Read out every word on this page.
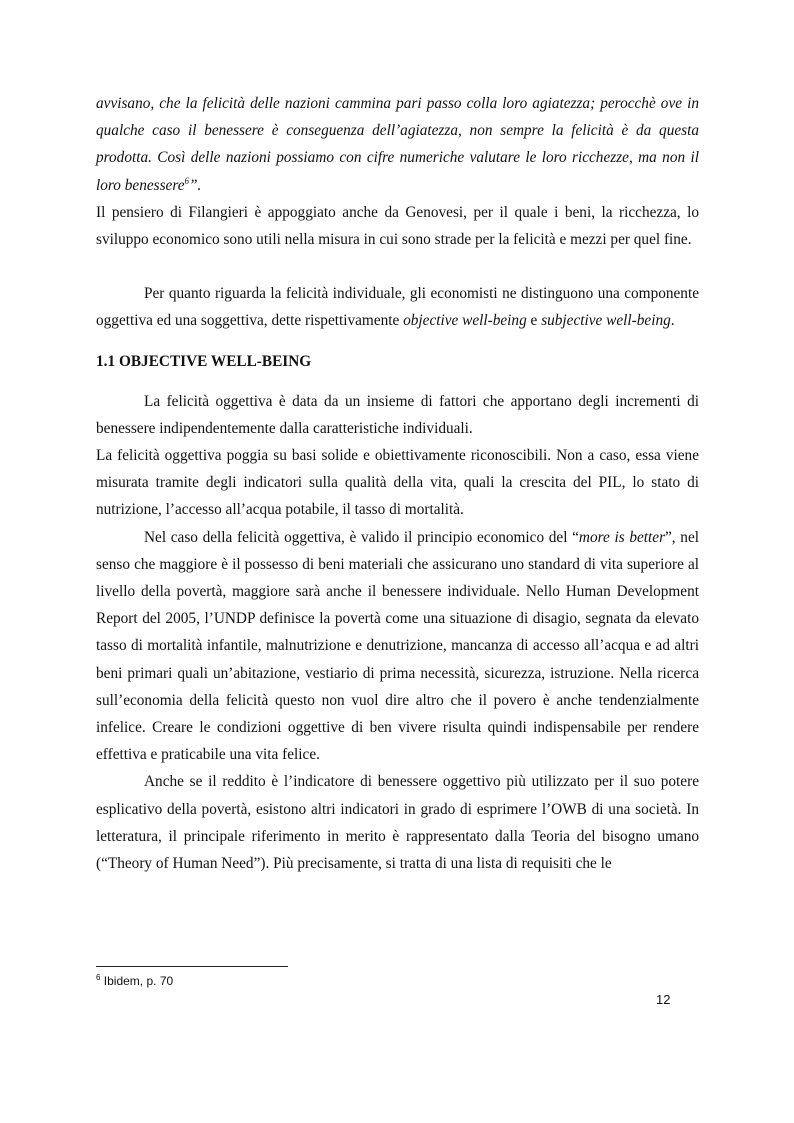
avvisano, che la felicità delle nazioni cammina pari passo colla loro agiatezza; perocchè ove in qualche caso il benessere è conseguenza dell’agiatezza, non sempre la felicità è da questa prodotta. Così delle nazioni possiamo con cifre numeriche valutare le loro ricchezze, ma non il loro benessere$^6$”.

Il pensiero di Filangieri è appoggiato anche da Genovesi, per il quale i beni, la ricchezza, lo sviluppo economico sono utili nella misura in cui sono strade per la felicità e mezzi per quel fine.

Per quanto riguarda la felicità individuale, gli economisti ne distinguono una componente oggettiva ed una soggettiva, dette rispettivamente objective well-being e subjective well-being.

1.1 OBJECTIVE WELL-BEING

La felicità oggettiva è data da un insieme di fattori che apportano degli incrementi di benessere indipendentemente dalla caratteristiche individuali.

La felicità oggettiva poggia su basi solide e obiettivamente riconoscibili. Non a caso, essa viene misurata tramite degli indicatori sulla qualità della vita, quali la crescita del PIL, lo stato di nutrizione, l’accesso all’acqua potabile, il tasso di mortalità.

Nel caso della felicità oggettiva, è valido il principio economico del “more is better”, nel senso che maggiore è il possesso di beni materiali che assicurano uno standard di vita superiore al livello della povertà, maggiore sarà anche il benessere individuale. Nello Human Development Report del 2005, l’UNDP definisce la povertà come una situazione di disagio, segnata da elevato tasso di mortalità infantile, malnutrizione e denutrizione, mancanza di accesso all’acqua e ad altri beni primari quali un’abitazione, vestiario di prima necessità, sicurezza, istruzione. Nella ricerca sull’economia della felicità questo non vuol dire altro che il povero è anche tendenzialmente infelice. Creare le condizioni oggettive di ben vivere risulta quindi indispensabile per rendere effettiva e praticabile una vita felice.

Anche se il reddito è l’indicatore di benessere oggettivo più utilizzato per il suo potere esplicativo della povertà, esistono altri indicatori in grado di esprimere l’OWB di una società. In letteratura, il principale riferimento in merito è rappresentato dalla Teoria del bisogno umano (“Theory of Human Need”). Più precisamente, si tratta di una lista di requisiti che le

$^6$ Ibidem, p. 70
12
